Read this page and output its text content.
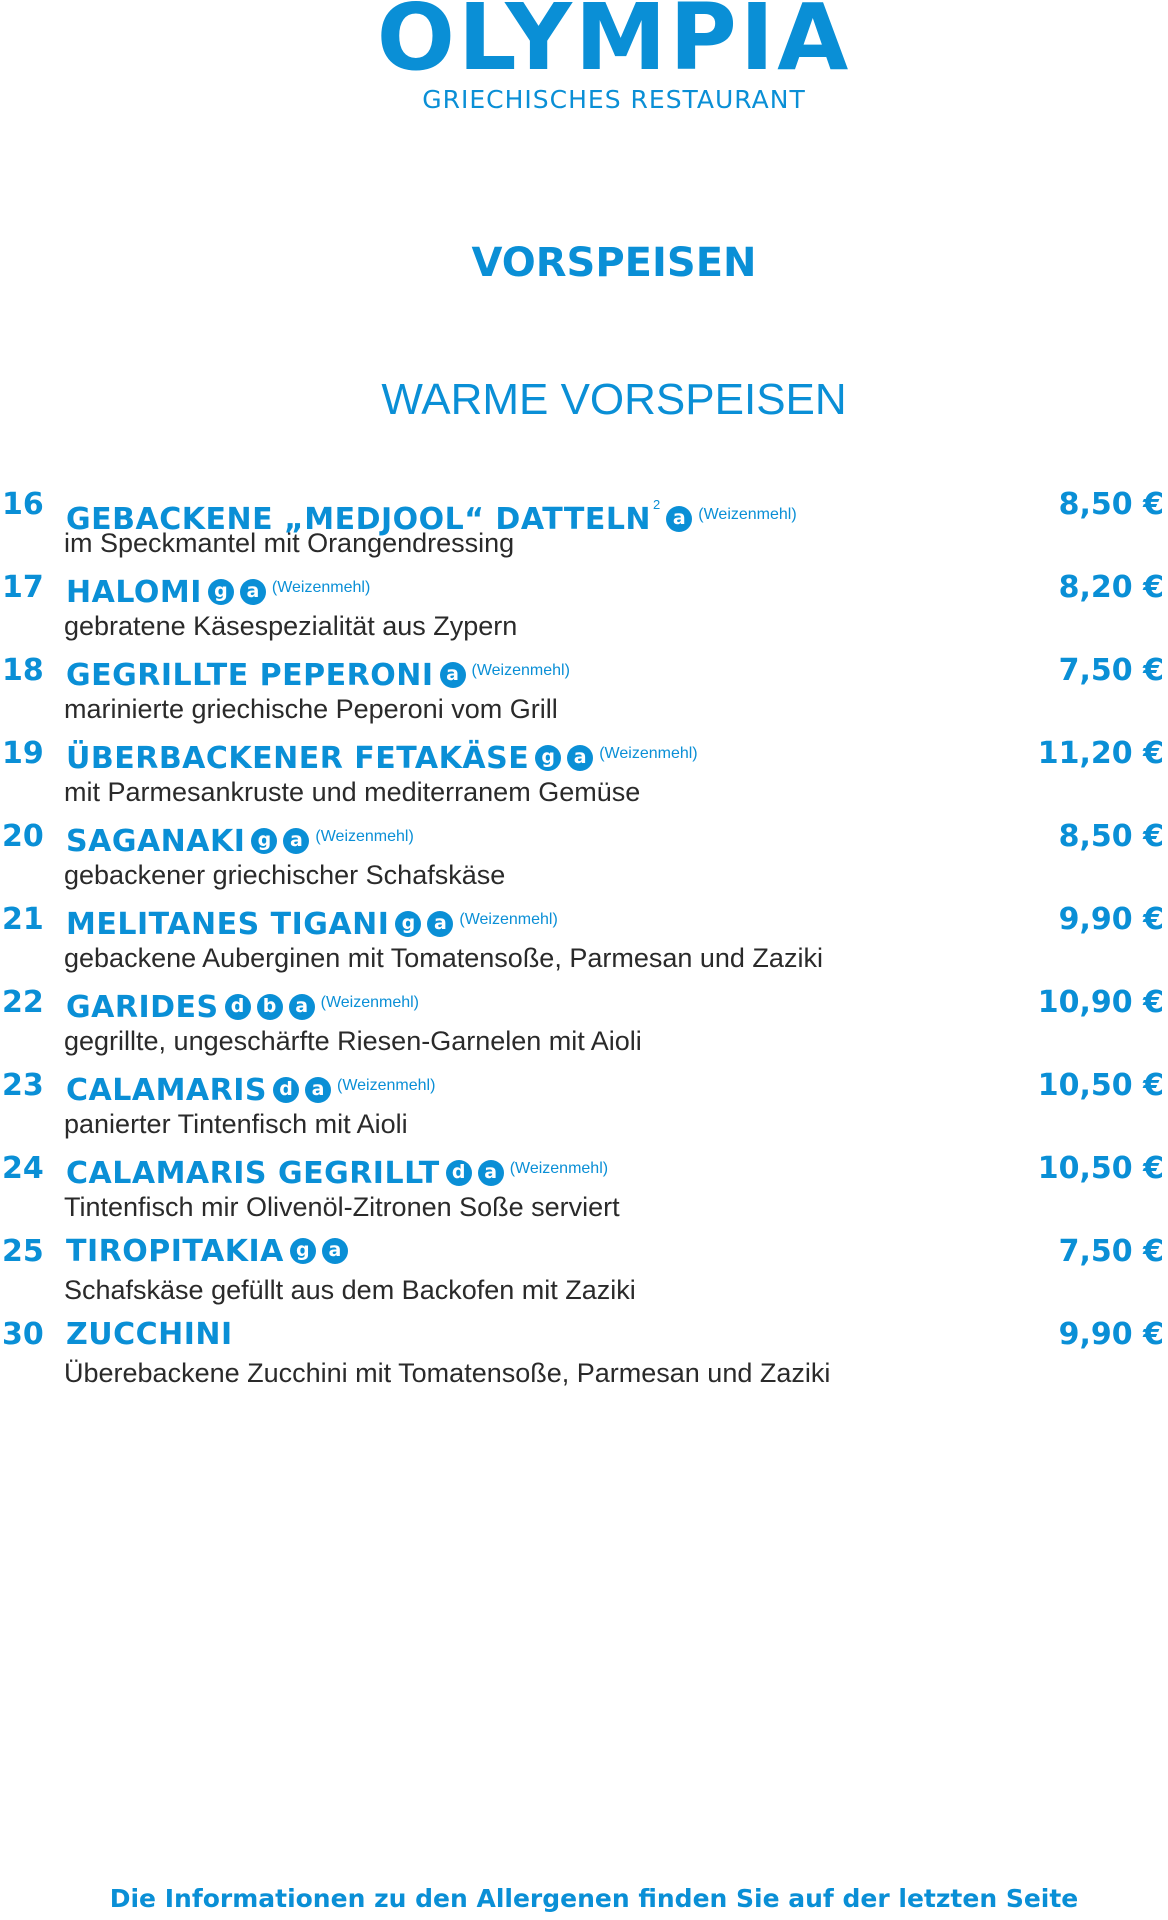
OLYMPIA
GRIECHISCHES RESTAURANT
VORSPEISEN
WARME VORSPEISEN
16 GEBACKENE „MEDJOOL“ DATTELN $^2$a (Weizenmehl)
im Speckmantel mit Orangendressing
8,50 €
17 HALOMI g a (Weizenmehl)
gebratene Käsespezialität aus Zypern
8,20 €
18 GEGRILLTE PEPERONI a (Weizenmehl)
marinierte griechische Peperoni vom Grill
7,50 €
19 ÜBERBACKENER FETAKÄSE g a (Weizenmehl)
mit Parmesankruste und mediterranem Gemüse
11,20 €
20 SAGANAKI g a (Weizenmehl)
gebackener griechischer Schafskäse
8,50 €
21 MELITANES TIGANI g a (Weizenmehl)
gebackene Auberginen mit Tomatensoße, Parmesan und Zaziki
9,90 €
22 GARIDES d b a (Weizenmehl)
gegrillte, ungeschärfte Riesen-Garnelen mit Aioli
10,90 €
23 CALAMARIS d a (Weizenmehl)
panierter Tintenfisch mit Aioli
10,50 €
24 CALAMARIS GEGRILLT d a (Weizenmehl)
Tintenfisch mir Olivenöl-Zitronen Soße serviert
10,50 €
25 TIROPITAKIA g a
Schafskäse gefüllt aus dem Backofen mit Zaziki
7,50 €
30 ZUCCHINI
Überebackene Zucchini mit Tomatensoße, Parmesan und Zaziki
9,90 €
Die Informationen zu den Allergenen finden Sie auf der letzten Seite
